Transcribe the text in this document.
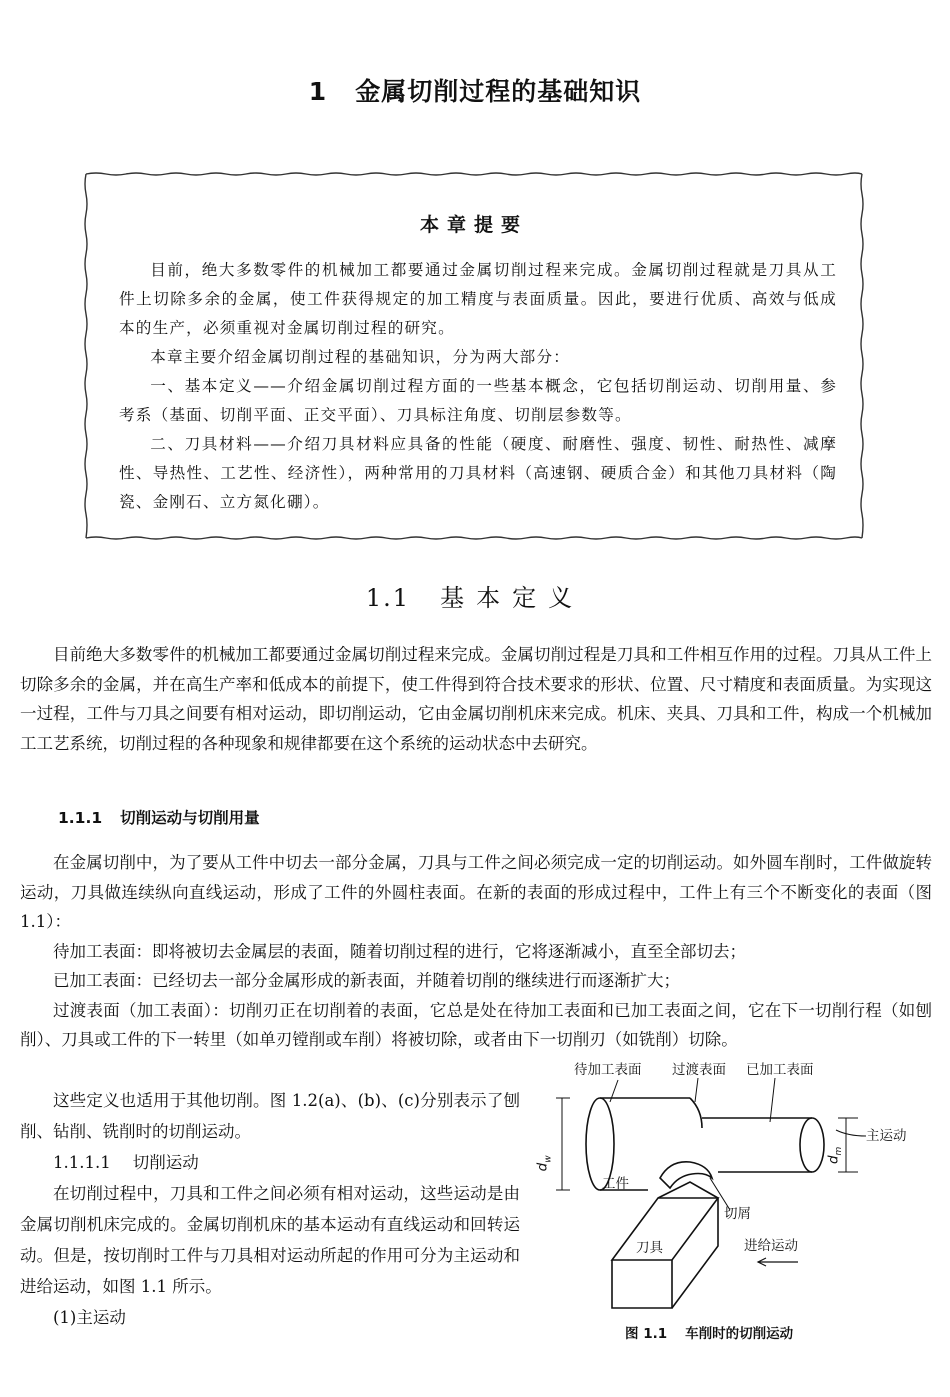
1 金属切削过程的基础知识
本章提要

目前，绝大多数零件的机械加工都要通过金属切削过程来完成。金属切削过程就是刀具从工件上切除多余的金属，使工件获得规定的加工精度与表面质量。因此，要进行优质、高效与低成本的生产，必须重视对金属切削过程的研究。

本章主要介绍金属切削过程的基础知识，分为两大部分：

一、基本定义——介绍金属切削过程方面的一些基本概念，它包括切削运动、切削用量、参考系（基面、切削平面、正交平面）、刀具标注角度、切削层参数等。

二、刀具材料——介绍刀具材料应具备的性能（硬度、耐磨性、强度、韧性、耐热性、减摩性、导热性、工艺性、经济性），两种常用的刀具材料（高速钢、硬质合金）和其他刀具材料（陶瓷、金刚石、立方氮化硼）。

1.1 基本定义

目前绝大多数零件的机械加工都要通过金属切削过程来完成。金属切削过程是刀具和工件相互作用的过程。刀具从工件上切除多余的金属，并在高生产率和低成本的前提下，使工件得到符合技术要求的形状、位置、尺寸精度和表面质量。为实现这一过程，工件与刀具之间要有相对运动，即切削运动，它由金属切削机床来完成。机床、夹具、刀具和工件，构成一个机械加工工艺系统，切削过程的各种现象和规律都要在这个系统的运动状态中去研究。

1.1.1 切削运动与切削用量

在金属切削中，为了要从工件中切去一部分金属，刀具与工件之间必须完成一定的切削运动。如外圆车削时，工件做旋转运动，刀具做连续纵向直线运动，形成了工件的外圆柱表面。在新的表面的形成过程中，工件上有三个不断变化的表面（图 1.1）：

待加工表面：即将被切去金属层的表面，随着切削过程的进行，它将逐渐减小，直至全部切去；

已加工表面：已经切去一部分金属形成的新表面，并随着切削的继续进行而逐渐扩大；

过渡表面（加工表面）：切削刃正在切削着的表面，它总是处在待加工表面和已加工表面之间，它在下一切削行程（如刨削）、刀具或工件的下一转里（如单刃镗削或车削）将被切除，或者由下一切削刃（如铣削）切除。

这些定义也适用于其他切削。图 1.2(a)、(b)、(c)分别表示了刨削、钻削、铣削时的切削运动。

1.1.1.1 切削运动

在切削过程中，刀具和工件之间必须有相对运动，这些运动是由金属切削机床完成的。金属切削机床的基本运动有直线运动和回转运动。但是，按切削时工件与刀具相对运动所起的作用可分为主运动和进给运动，如图 1.1 所示。

(1)主运动

待加工表面 过渡表面 已加工表面
主运动
工件
切屑
刀具	进给运动
$d_w$	$d_m$
图 1.1 车削时的切削运动
